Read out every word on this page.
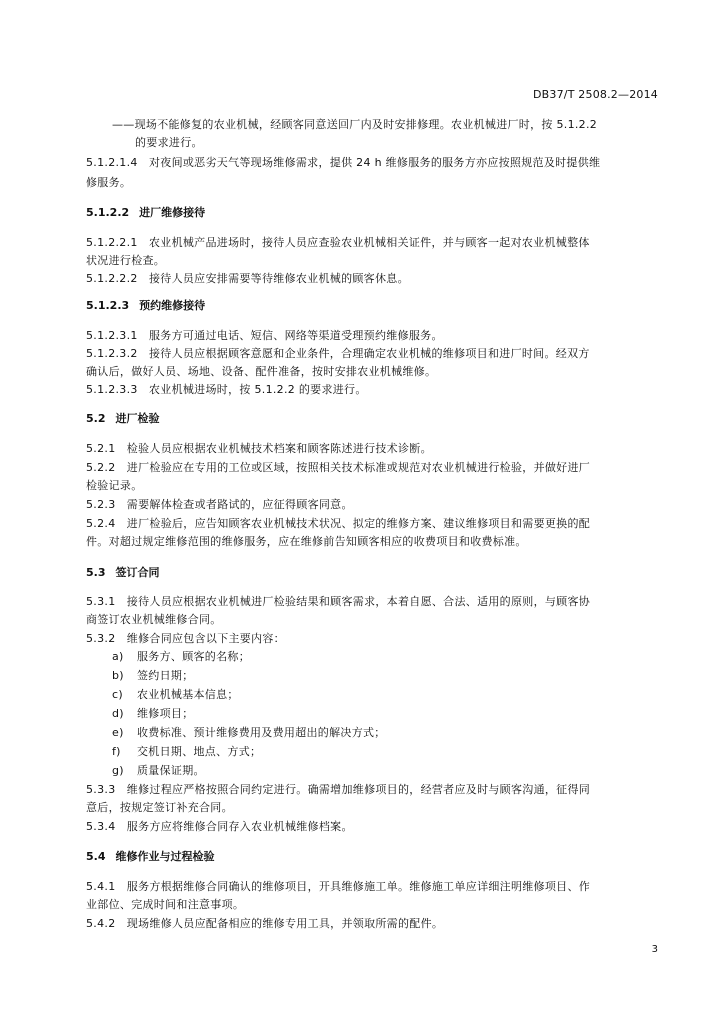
DB37/T 2508.2—2014
——现场不能修复的农业机械，经顾客同意送回厂内及时安排修理。农业机械进厂时，按 5.1.2.2
的要求进行。
5.1.2.1.4　对夜间或恶劣天气等现场维修需求，提供 24 h 维修服务的服务方亦应按照规范及时提供维
修服务。
5.1.2.2 进厂维修接待
5.1.2.2.1　农业机械产品进场时，接待人员应查验农业机械相关证件，并与顾客一起对农业机械整体
状况进行检查。
5.1.2.2.2　接待人员应安排需要等待维修农业机械的顾客休息。
5.1.2.3 预约维修接待
5.1.2.3.1　服务方可通过电话、短信、网络等渠道受理预约维修服务。
5.1.2.3.2　接待人员应根据顾客意愿和企业条件，合理确定农业机械的维修项目和进厂时间。经双方
确认后，做好人员、场地、设备、配件准备，按时安排农业机械维修。
5.1.2.3.3　农业机械进场时，按 5.1.2.2 的要求进行。
5.2 进厂检验
5.2.1　检验人员应根据农业机械技术档案和顾客陈述进行技术诊断。
5.2.2　进厂检验应在专用的工位或区域，按照相关技术标准或规范对农业机械进行检验，并做好进厂
检验记录。
5.2.3　需要解体检查或者路试的，应征得顾客同意。
5.2.4　进厂检验后，应告知顾客农业机械技术状况、拟定的维修方案、建议维修项目和需要更换的配
件。对超过规定维修范围的维修服务，应在维修前告知顾客相应的收费项目和收费标准。
5.3 签订合同
5.3.1　接待人员应根据农业机械进厂检验结果和顾客需求，本着自愿、合法、适用的原则，与顾客协
商签订农业机械维修合同。
5.3.2　维修合同应包含以下主要内容：
a) 服务方、顾客的名称；
b) 签约日期；
c) 农业机械基本信息；
d) 维修项目；
e) 收费标准、预计维修费用及费用超出的解决方式；
f) 交机日期、地点、方式；
g) 质量保证期。
5.3.3　维修过程应严格按照合同约定进行。确需增加维修项目的，经营者应及时与顾客沟通，征得同
意后，按规定签订补充合同。
5.3.4　服务方应将维修合同存入农业机械维修档案。
5.4 维修作业与过程检验
5.4.1　服务方根据维修合同确认的维修项目，开具维修施工单。维修施工单应详细注明维修项目、作
业部位、完成时间和注意事项。
5.4.2　现场维修人员应配备相应的维修专用工具，并领取所需的配件。
3
